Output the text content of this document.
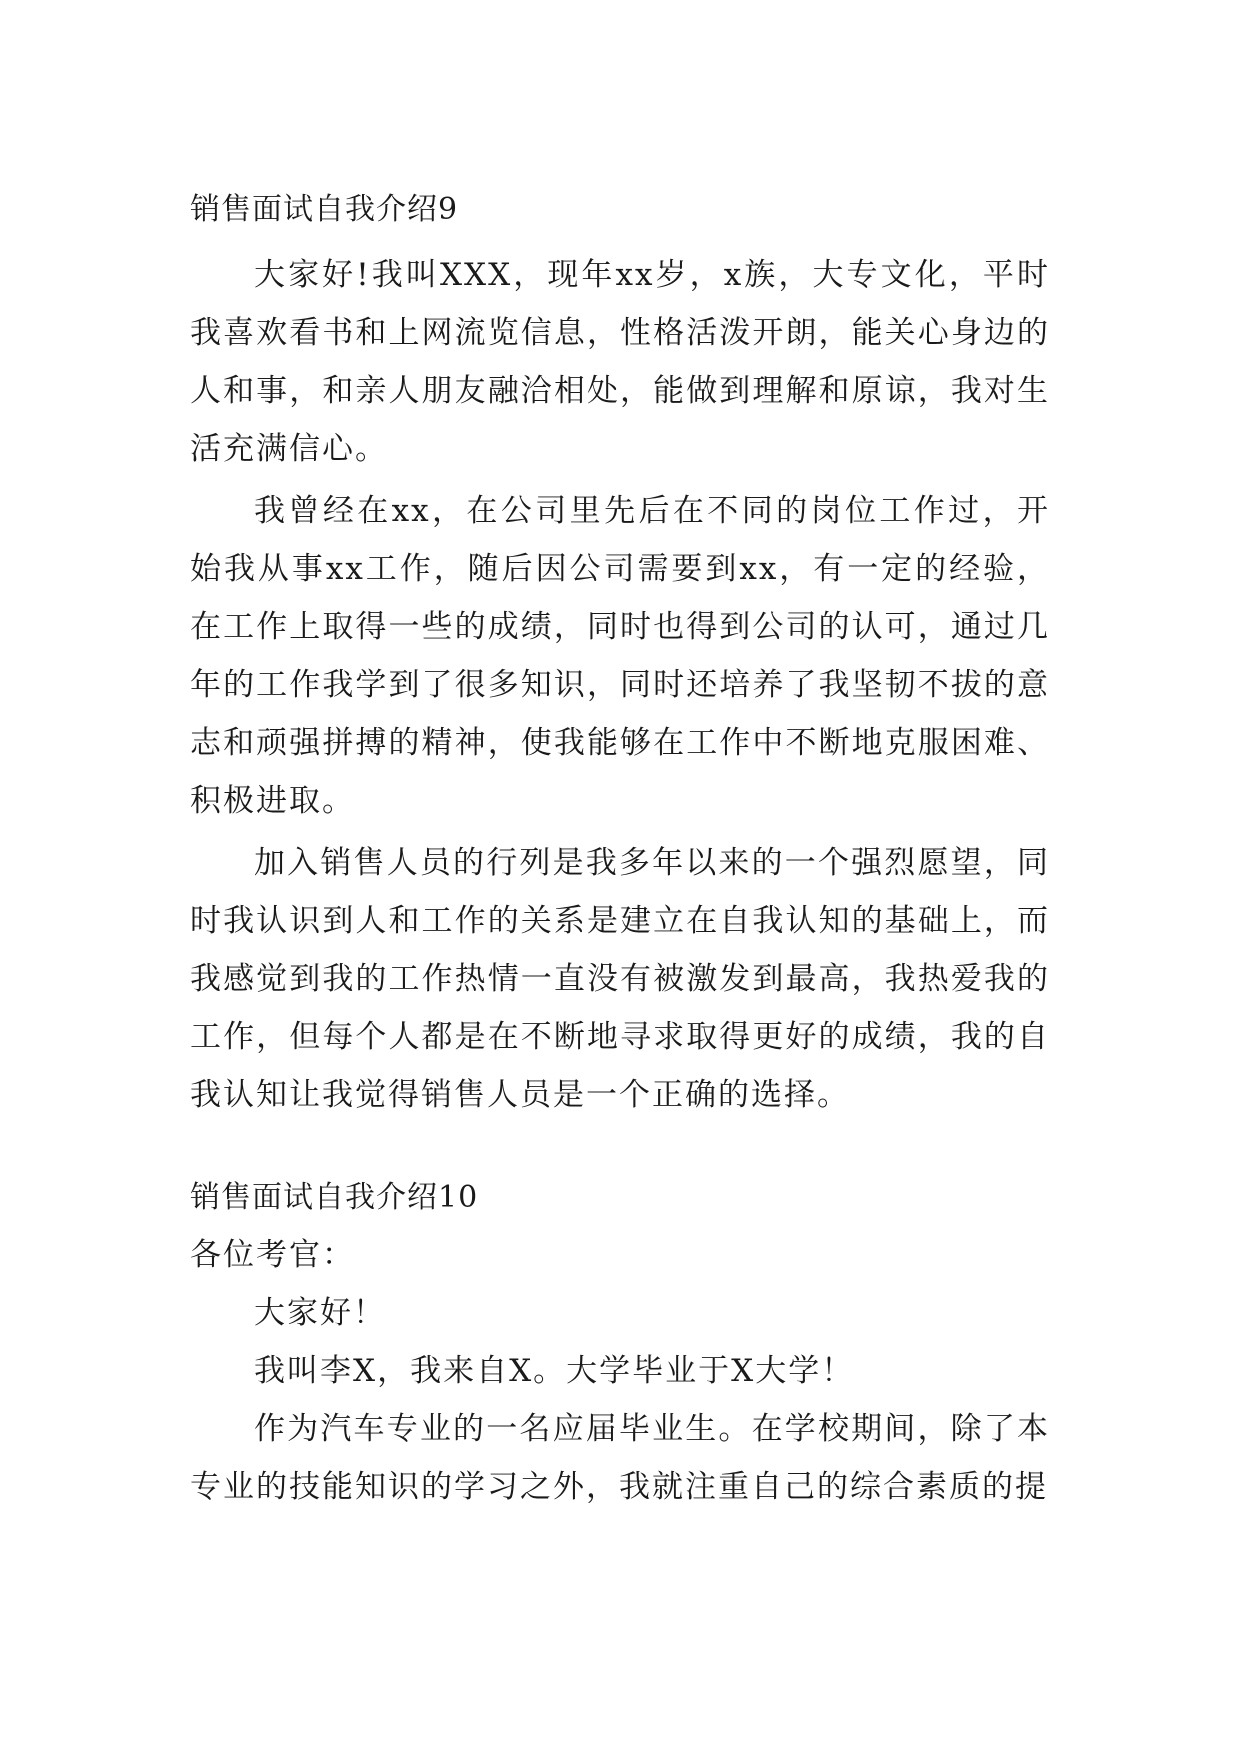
销售面试自我介绍9

大家好!我叫XXX，现年xx岁，x族，大专文化，平时我喜欢看书和上网流览信息，性格活泼开朗，能关心身边的人和事，和亲人朋友融洽相处，能做到理解和原谅，我对生活充满信心。

我曾经在xx，在公司里先后在不同的岗位工作过，开始我从事xx工作，随后因公司需要到xx，有一定的经验，在工作上取得一些的成绩，同时也得到公司的认可，通过几年的工作我学到了很多知识，同时还培养了我坚韧不拔的意志和顽强拼搏的精神，使我能够在工作中不断地克服困难、积极进取。

加入销售人员的行列是我多年以来的一个强烈愿望，同时我认识到人和工作的关系是建立在自我认知的基础上，而我感觉到我的工作热情一直没有被激发到最高，我热爱我的工作，但每个人都是在不断地寻求取得更好的成绩，我的自我认知让我觉得销售人员是一个正确的选择。

销售面试自我介绍10

各位考官：

大家好！

我叫李X，我来自X。大学毕业于X大学！

作为汽车专业的一名应届毕业生。在学校期间，除了本专业的技能知识的学习之外，我就注重自己的综合素质的提
